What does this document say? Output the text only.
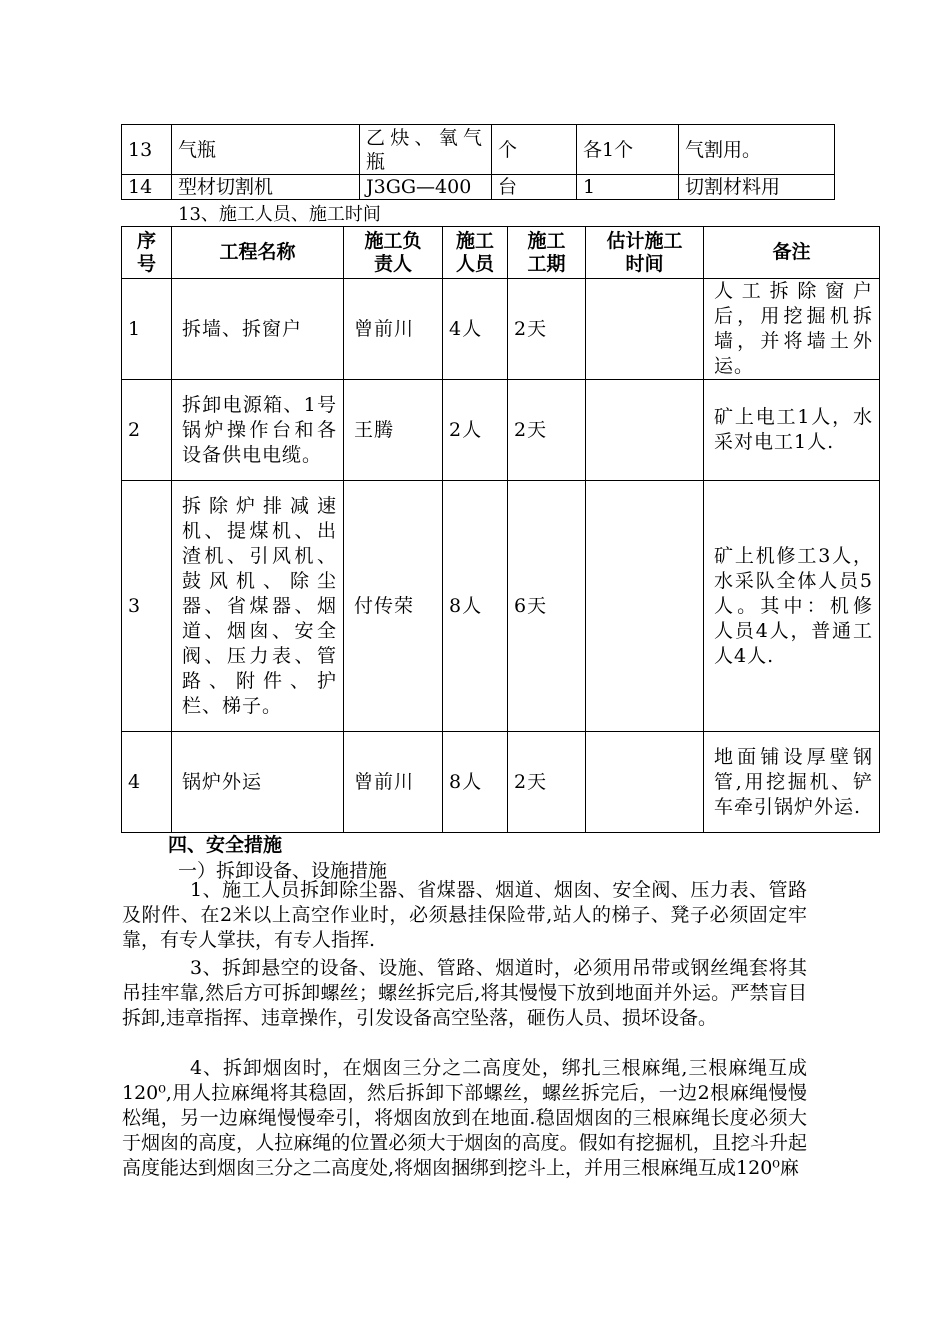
13	气瓶	乙炔、氧气瓶	个	各1个	气割用。
14	型材切割机	J3GG—400	台	1	切割材料用
13、施工人员、施工时间
序号	工程名称	施工负责人	施工人员	施工工期	估计施工时间	备注
1	拆墙、拆窗户	曾前川	4人	2天		人工拆除窗户后，用挖掘机拆墙，并将墙土外运。
2	拆卸电源箱、1号锅炉操作台和各设备供电电缆。	王腾	2人	2天		矿上电工1人，水采对电工1人.
3	拆除炉排减速机、提煤机、出渣机、引风机、鼓风机、除尘器、省煤器、烟道、烟囱、安全阀、压力表、管路、附件、护栏、梯子。	付传荣	8人	6天		矿上机修工3人，水采队全体人员5人。其中：机修人员4人，普通工人4人.
4	锅炉外运	曾前川	8人	2天		地面铺设厚壁钢管,用挖掘机、铲车牵引锅炉外运.
四、安全措施
一）拆卸设备、设施措施

1、施工人员拆卸除尘器、省煤器、烟道、烟囱、安全阀、压力表、管路及附件、在2米以上高空作业时，必须悬挂保险带,站人的梯子、凳子必须固定牢靠，有专人掌扶，有专人指挥.

3、拆卸悬空的设备、设施、管路、烟道时，必须用吊带或钢丝绳套将其吊挂牢靠,然后方可拆卸螺丝；螺丝拆完后,将其慢慢下放到地面并外运。严禁盲目拆卸,违章指挥、违章操作，引发设备高空坠落，砸伤人员、损坏设备。

4、拆卸烟囱时，在烟囱三分之二高度处，绑扎三根麻绳,三根麻绳互成120⁰,用人拉麻绳将其稳固，然后拆卸下部螺丝，螺丝拆完后，一边2根麻绳慢慢松绳，另一边麻绳慢慢牵引，将烟囱放到在地面.稳固烟囱的三根麻绳长度必须大于烟囱的高度，人拉麻绳的位置必须大于烟囱的高度。假如有挖掘机，且挖斗升起高度能达到烟囱三分之二高度处,将烟囱捆绑到挖斗上，并用三根麻绳互成120⁰麻
